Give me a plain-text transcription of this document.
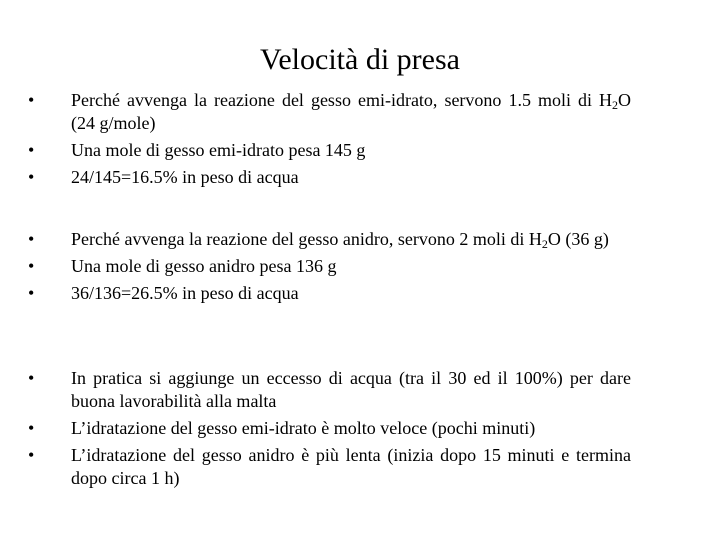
Velocità di presa
• Perché avvenga la reazione del gesso emi-idrato, servono 1.5 moli di $H_2O$ (24 g/mole)
• Una mole di gesso emi-idrato pesa 145 g
• 24/145=16.5% in peso di acqua
• Perché avvenga la reazione del gesso anidro, servono 2 moli di $H_2O$ (36 g)
• Una mole di gesso anidro pesa 136 g
• 36/136=26.5% in peso di acqua
• In pratica si aggiunge un eccesso di acqua (tra il 30 ed il 100%) per dare buona lavorabilità alla malta
• L’idratazione del gesso emi-idrato è molto veloce (pochi minuti)
• L’idratazione del gesso anidro è più lenta (inizia dopo 15 minuti e termina dopo circa 1 h)
